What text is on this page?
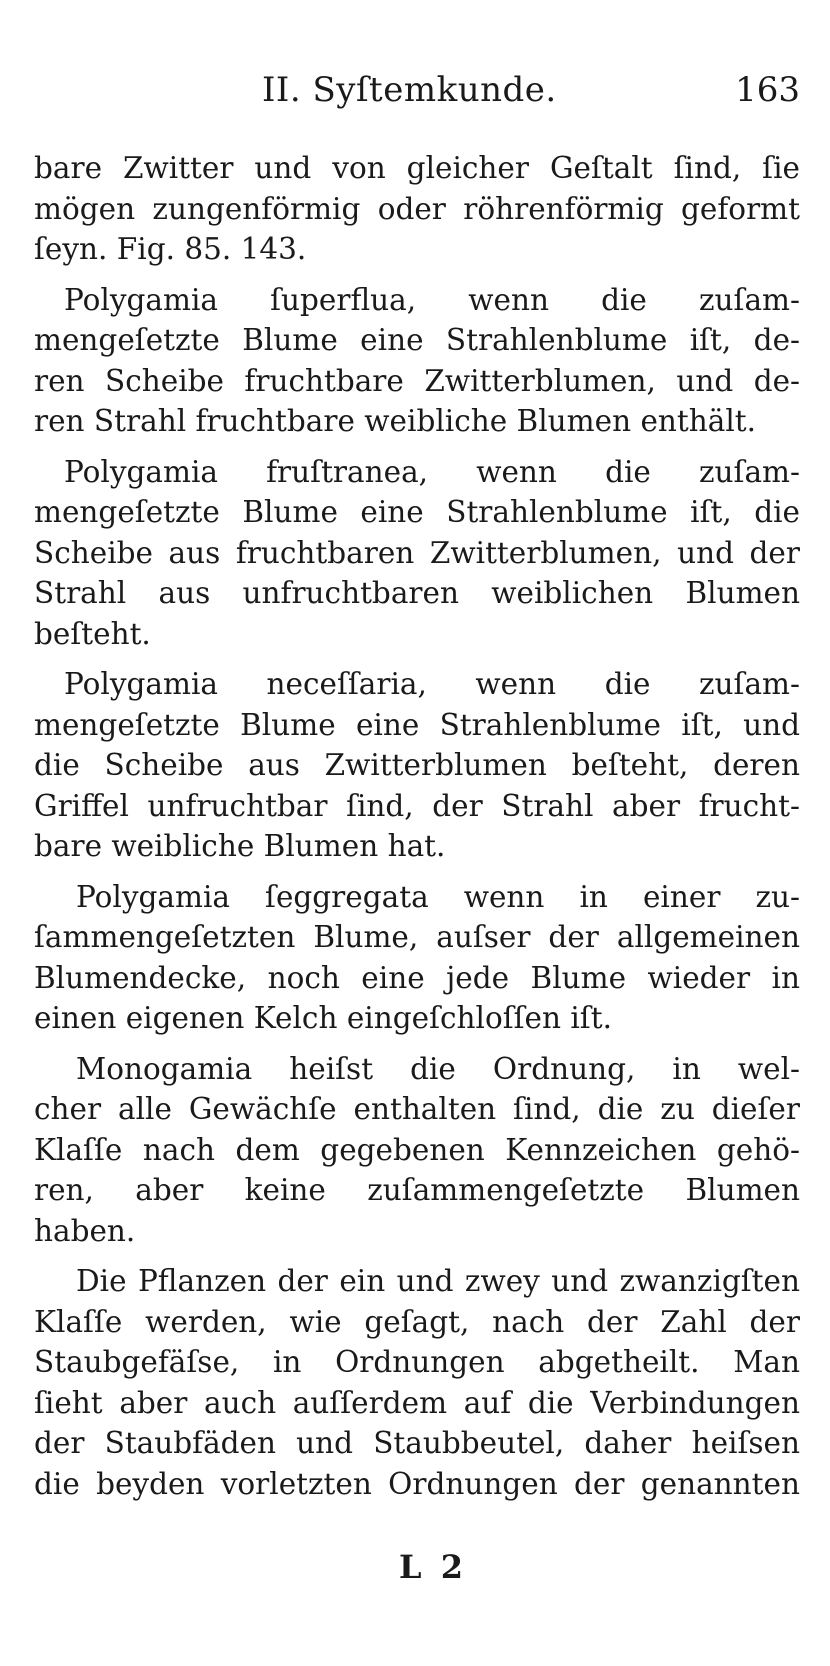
II. Syſtemkunde.	163
bare Zwitter und von gleicher Geſtalt ſind, ſie
mögen zungenförmig oder röhrenförmig geformt
ſeyn. Fig. 85. 143.
Polygamia ſuperflua, wenn die zuſam-
mengeſetzte Blume eine Strahlenblume iſt, de-
ren Scheibe fruchtbare Zwitterblumen, und de-
ren Strahl fruchtbare weibliche Blumen enthält.
Polygamia fruſtranea, wenn die zuſam-
mengeſetzte Blume eine Strahlenblume iſt, die
Scheibe aus fruchtbaren Zwitterblumen, und der
Strahl aus unfruchtbaren weiblichen Blumen
beſteht.
Polygamia neceſſaria, wenn die zuſam-
mengeſetzte Blume eine Strahlenblume iſt, und
die Scheibe aus Zwitterblumen beſteht, deren
Griffel unfruchtbar ſind, der Strahl aber frucht-
bare weibliche Blumen hat.
Polygamia ſeggregata wenn in einer zu-
ſammengeſetzten Blume, auſser der allgemeinen
Blumendecke, noch eine jede Blume wieder in
einen eigenen Kelch eingeſchloſſen iſt.
Monogamia heiſst die Ordnung, in wel-
cher alle Gewächſe enthalten ſind, die zu dieſer
Klaſſe nach dem gegebenen Kennzeichen gehö-
ren, aber keine zuſammengeſetzte Blumen
haben.
Die Pflanzen der ein und zwey und zwanzigſten
Klaſſe werden, wie geſagt, nach der Zahl der
Staubgefäſse, in Ordnungen abgetheilt. Man
ſieht aber auch auſſerdem auf die Verbindungen
der Staubfäden und Staubbeutel, daher heiſsen
die beyden vorletzten Ordnungen der genannten
L 2
